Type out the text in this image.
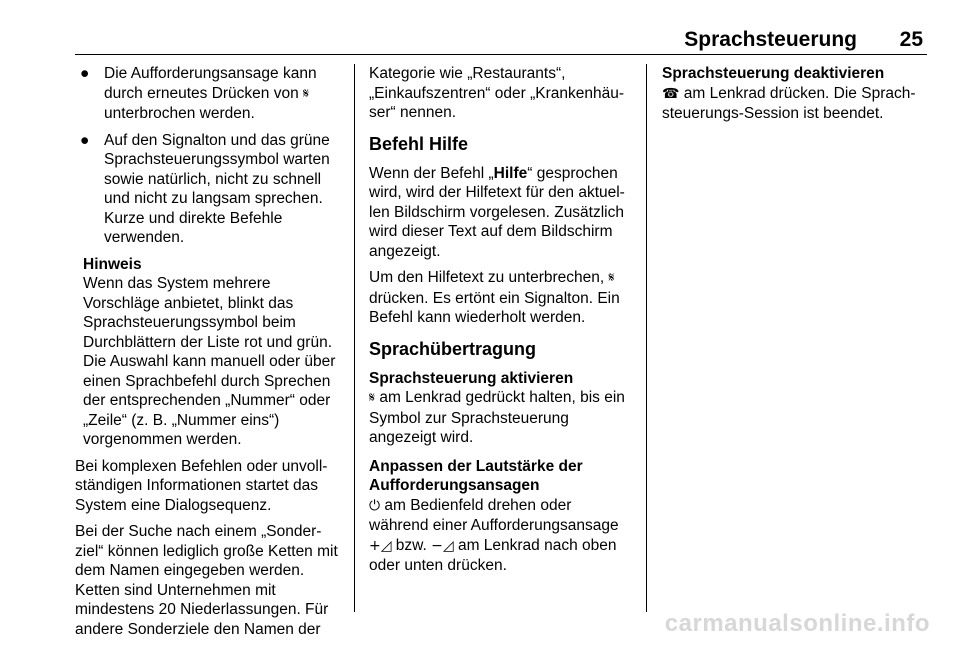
Sprachsteuerung 25
● Die Aufforderungsansage kann durch erneutes Drücken von 𝄋 unterbrochen werden.
● Auf den Signalton und das grüne Sprachsteuerungssymbol warten sowie natürlich, nicht zu schnell und nicht zu langsam sprechen. Kurze und direkte Befehle verwenden.
Hinweis
Wenn das System mehrere Vorschläge anbietet, blinkt das Sprachsteuerungssymbol beim Durchblättern der Liste rot und grün. Die Auswahl kann manuell oder über einen Sprachbefehl durch Sprechen der entsprechenden „Nummer“ oder „Zeile“ (z. B. „Nummer eins“) vorgenommen werden.

Bei komplexen Befehlen oder unvoll-ständigen Informationen startet das System eine Dialogsequenz.

Bei der Suche nach einem „Sonder-ziel“ können lediglich große Ketten mit dem Namen eingegeben werden. Ketten sind Unternehmen mit mindestens 20 Niederlassungen. Für andere Sonderziele den Namen der

Kategorie wie „Restaurants“, „Einkaufszentren“ oder „Krankenhäu-ser“ nennen.

Befehl Hilfe

Wenn der Befehl „Hilfe“ gesprochen wird, wird der Hilfetext für den aktuel-len Bildschirm vorgelesen. Zusätzlich wird dieser Text auf dem Bildschirm angezeigt.

Um den Hilfetext zu unterbrechen, 𝄋 drücken. Es ertönt ein Signalton. Ein Befehl kann wiederholt werden.

Sprachübertragung
Sprachsteuerung aktivieren

𝄋 am Lenkrad gedrückt halten, bis ein Symbol zur Sprachsteuerung angezeigt wird.

Anpassen der Lautstärke der Aufforderungsansagen

⏻ am Bedienfeld drehen oder während einer Aufforderungsansage +◿ bzw. −◿ am Lenkrad nach oben oder unten drücken.

Sprachsteuerung deaktivieren

☎ am Lenkrad drücken. Die Sprach-steuerungs-Session ist beendet.

carmanualsonline.info
